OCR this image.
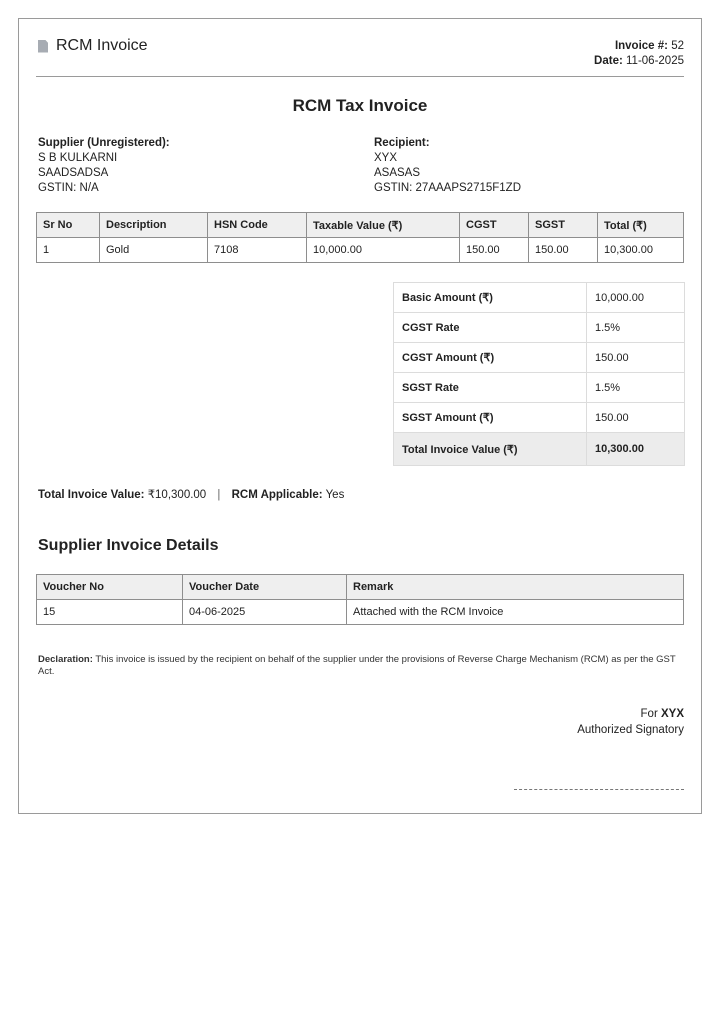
RCM Invoice	Invoice #: 52
Date: 11-06-2025
RCM Tax Invoice
Supplier (Unregistered):
S B KULKARNI
SAADSADSA
GSTIN: N/A
Recipient:
XYX
ASASAS
GSTIN: 27AAAPS2715F1ZD
Sr No	Description	HSN Code	Taxable Value (₹)	CGST	SGST	Total (₹)
1	Gold	7108	10,000.00	150.00	150.00	10,300.00
Basic Amount (₹)	10,000.00
CGST Rate	1.5%
CGST Amount (₹)	150.00
SGST Rate	1.5%
SGST Amount (₹)	150.00
Total Invoice Value (₹)	10,300.00
Total Invoice Value: ₹10,300.00 | RCM Applicable: Yes
Supplier Invoice Details
Voucher No	Voucher Date	Remark
15	04-06-2025	Attached with the RCM Invoice
Declaration: This invoice is issued by the recipient on behalf of the supplier under the provisions of Reverse Charge Mechanism (RCM) as per the GST Act.
For XYX
Authorized Signatory
